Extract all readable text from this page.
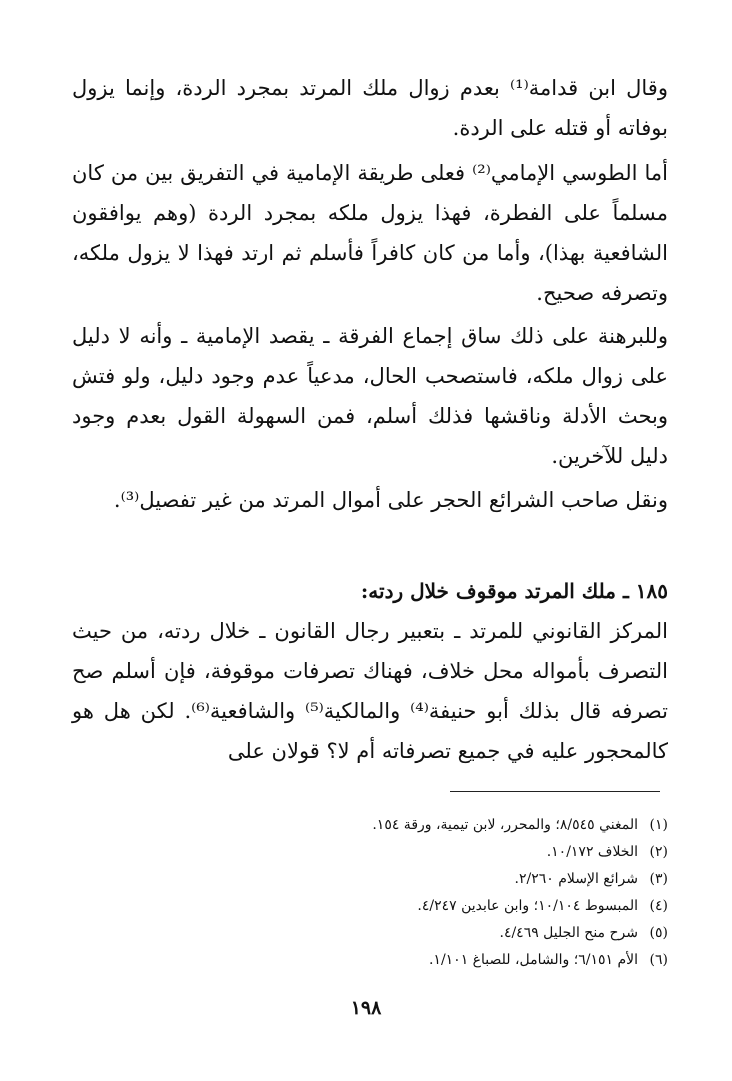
وقال ابن قدامة⁽¹⁾ بعدم زوال ملك المرتد بمجرد الردة، وإنما يزول بوفاته أو قتله على الردة.

أما الطوسي الإمامي⁽²⁾ فعلى طريقة الإمامية في التفريق بين من كان مسلماً على الفطرة، فهذا يزول ملكه بمجرد الردة (وهم يوافقون الشافعية بهذا)، وأما من كان كافراً فأسلم ثم ارتد فهذا لا يزول ملكه، وتصرفه صحيح.

وللبرهنة على ذلك ساق إجماع الفرقة ـ يقصد الإمامية ـ وأنه لا دليل على زوال ملكه، فاستصحب الحال، مدعياً عدم وجود دليل، ولو فتش وبحث الأدلة وناقشها فذلك أسلم، فمن السهولة القول بعدم وجود دليل للآخرين.

ونقل صاحب الشرائع الحجر على أموال المرتد من غير تفصيل⁽³⁾.

١٨٥ ـ ملك المرتد موقوف خلال ردته:

المركز القانوني للمرتد ـ بتعبير رجال القانون ـ خلال ردته، من حيث التصرف بأمواله محل خلاف، فهناك تصرفات موقوفة، فإن أسلم صح تصرفه قال بذلك أبو حنيفة⁽⁴⁾ والمالكية⁽⁵⁾ والشافعية⁽⁶⁾. لكن هل هو كالمحجور عليه في جميع تصرفاته أم لا؟ قولان على

(١)المغني ٨/٥٤٥؛ والمحرر، لابن تيمية، ورقة ١٥٤.
(٢)الخلاف ١٠/١٧٢.
(٣)شرائع الإسلام ٢/٢٦٠.
(٤)المبسوط ١٠/١٠٤؛ وابن عابدين ٤/٢٤٧.
(٥)شرح منح الجليل ٤/٤٦٩.
(٦)الأم ٦/١٥١؛ والشامل، للصباغ ١/١٠١.
١٩٨
